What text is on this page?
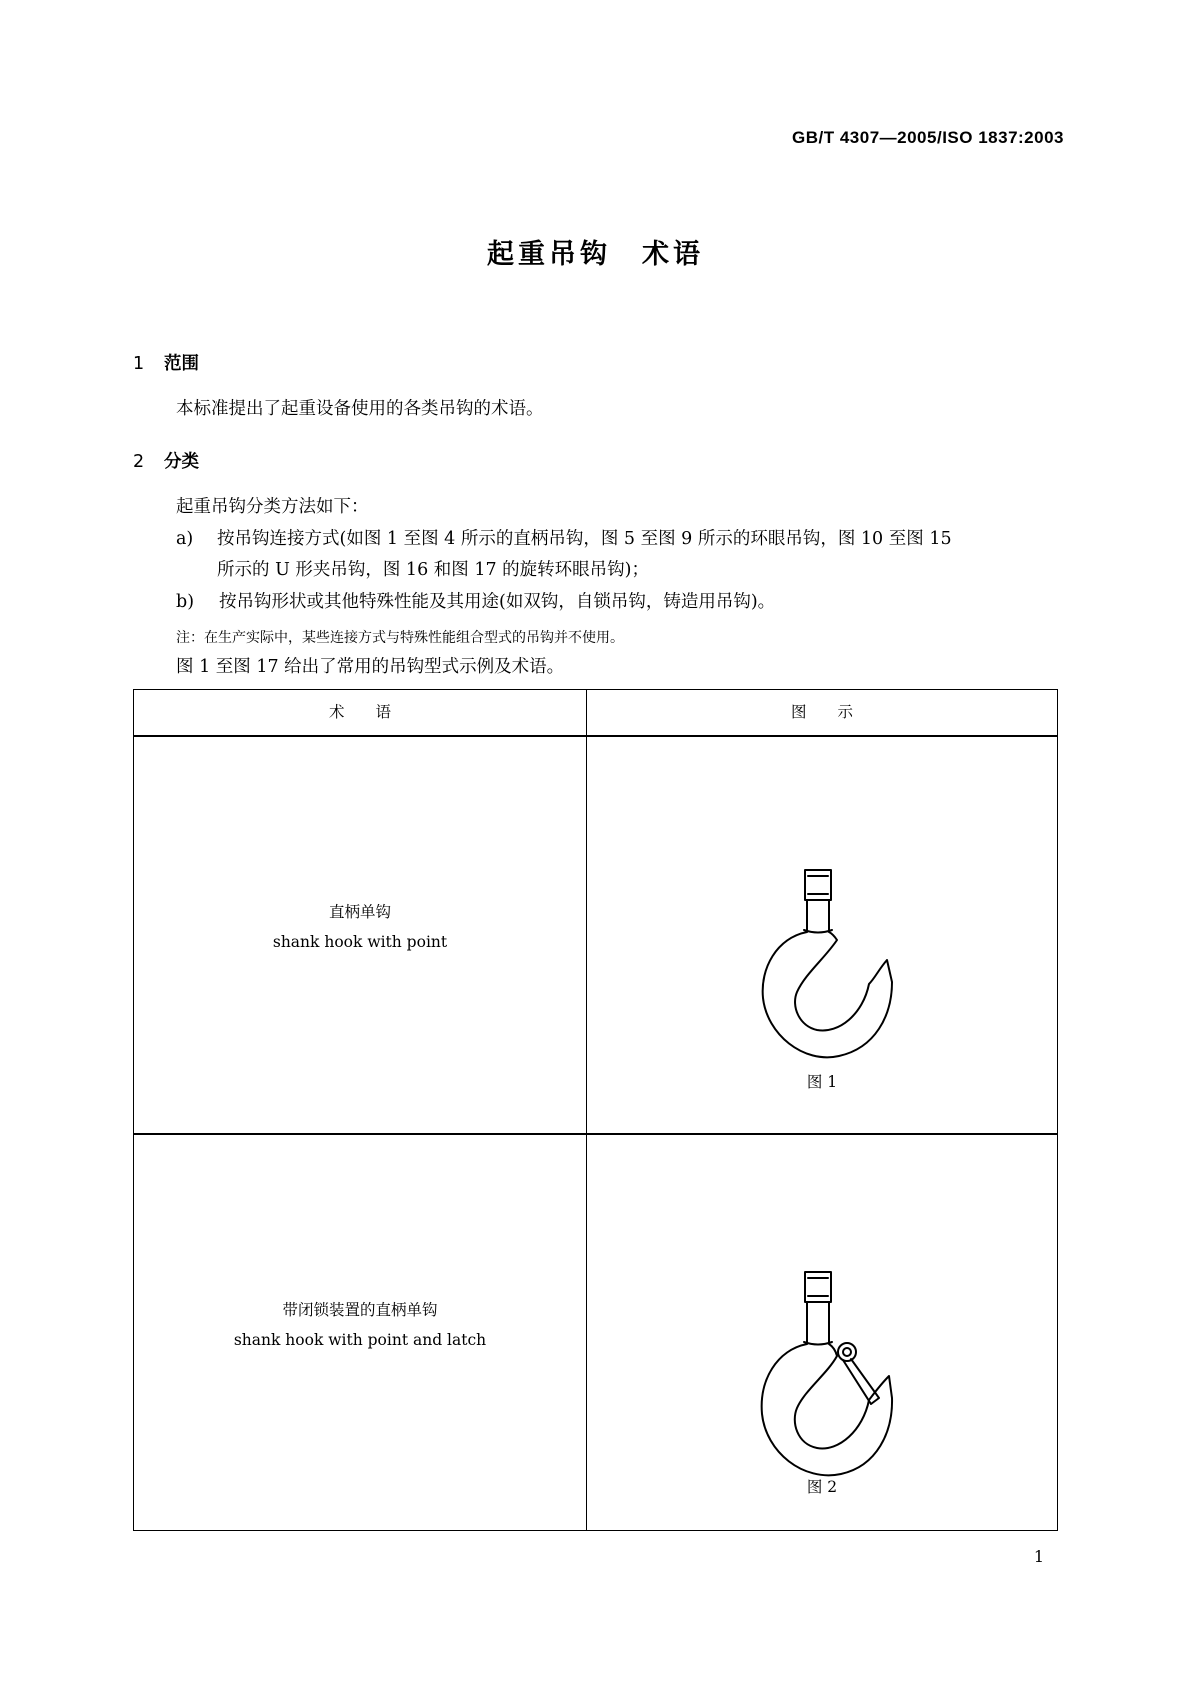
GB/T 4307—2005/ISO 1837:2003
起重吊钩　术语
1 范围
本标准提出了起重设备使用的各类吊钩的术语。
2 分类
起重吊钩分类方法如下：
a) 按吊钩连接方式(如图 1 至图 4 所示的直柄吊钩，图 5 至图 9 所示的环眼吊钩，图 10 至图 15
所示的 U 形夹吊钩，图 16 和图 17 的旋转环眼吊钩)；
b) 按吊钩形状或其他特殊性能及其用途(如双钩，自锁吊钩，铸造用吊钩)。
注：在生产实际中，某些连接方式与特殊性能组合型式的吊钩并不使用。
图 1 至图 17 给出了常用的吊钩型式示例及术语。
术　　语	图　　示
直柄单钩
shank hook with point
图 1
带闭锁装置的直柄单钩
shank hook with point and latch
图 2
1
